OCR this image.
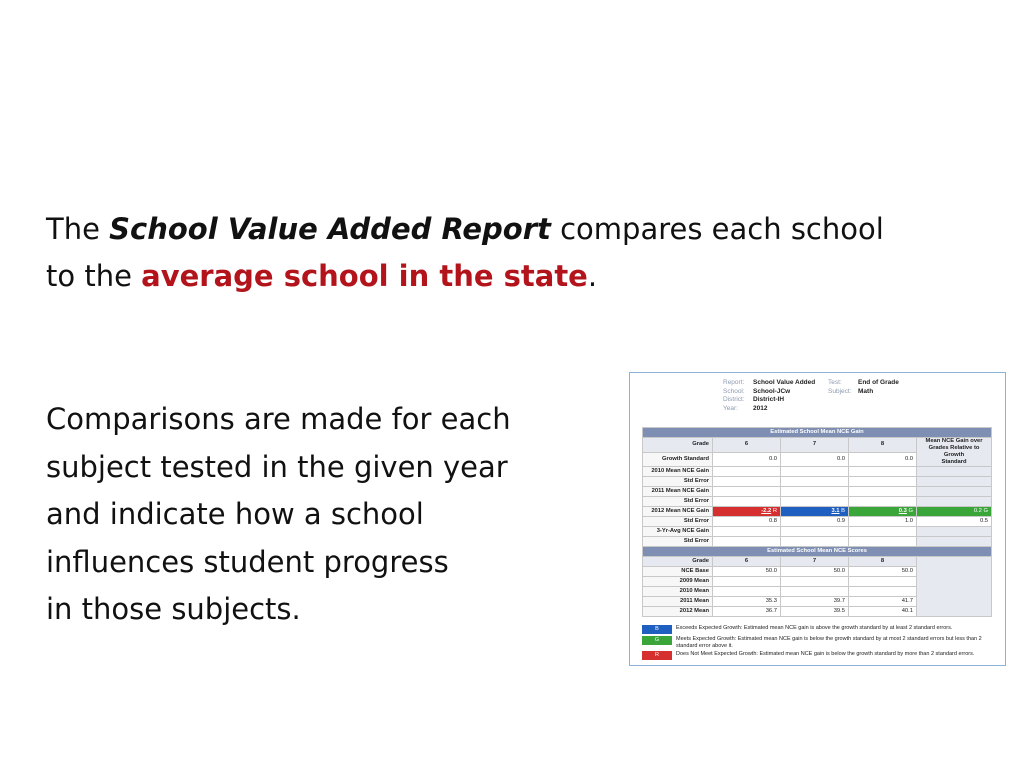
The School Value Added Report compares each school
to the average school in the state.
Comparisons are made for each
subject tested in the given year
and indicate how a school
influences student progress
in those subjects.
Report: School Value Added
School: School-JCw
District: District-IH
Year: 2012
Test:	End of Grade
Subject: Math
Estimated School Mean NCE Gain				
Grade	6	7	8	Mean NCE Gain over
Grades Relative to Growth
Standard

Growth Standard	0.0	0.0	0.0	
2010 Mean NCE Gain				
Std Error				
2011 Mean NCE Gain				
Std Error				
2012 Mean NCE Gain	-2.2 R	3.1 B	0.3 G	0.2 G
Std Error	0.8	0.9	1.0	0.5
3-Yr-Avg NCE Gain				
Std Error				
Estimated School Mean NCE Scores				
Grade	6	7	8	
NCE Base	50.0	50.0	50.0	
2009 Mean				
2010 Mean				
2011 Mean	35.3	39.7	41.7	
2012 Mean	36.7	39.5	40.1	
B	Exceeds Expected Growth: Estimated mean NCE gain is above the growth standard by at least 2 standard errors.
G	Meets Expected Growth: Estimated mean NCE gain is below the growth standard by at most 2 standard errors but less than 2 standard error above it.
R	Does Not Meet Expected Growth: Estimated mean NCE gain is below the growth standard by more than 2 standard errors.
